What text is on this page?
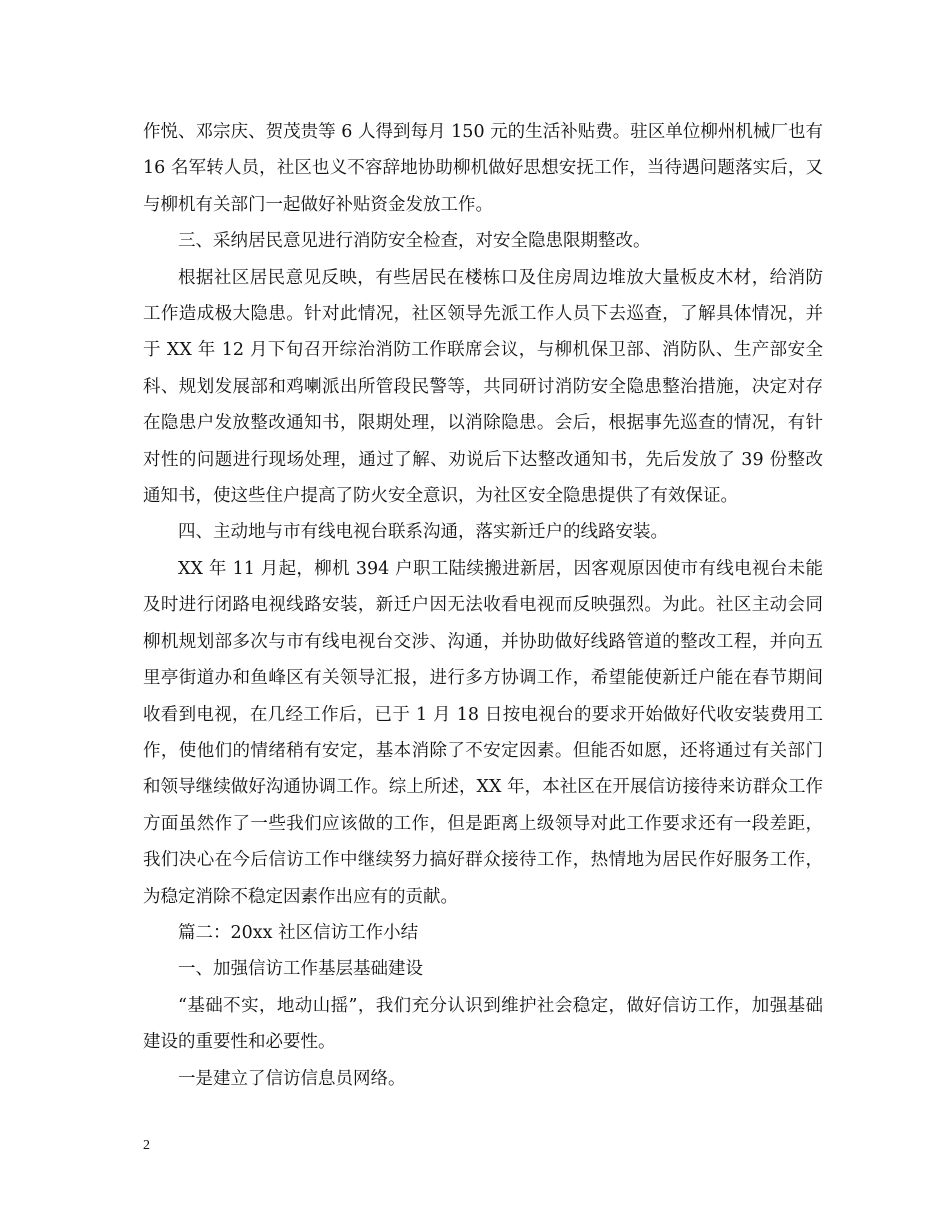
作悦、邓宗庆、贺茂贵等 6 人得到每月 150 元的生活补贴费。驻区单位柳州机械厂也有 16 名军转人员，社区也义不容辞地协助柳机做好思想安抚工作，当待遇问题落实后，又与柳机有关部门一起做好补贴资金发放工作。

三、采纳居民意见进行消防安全检查，对安全隐患限期整改。

根据社区居民意见反映，有些居民在楼栋口及住房周边堆放大量板皮木材，给消防工作造成极大隐患。针对此情况，社区领导先派工作人员下去巡查，了解具体情况，并于 XX 年 12 月下旬召开综治消防工作联席会议，与柳机保卫部、消防队、生产部安全科、规划发展部和鸡喇派出所管段民警等，共同研讨消防安全隐患整治措施，决定对存在隐患户发放整改通知书，限期处理，以消除隐患。会后，根据事先巡查的情况，有针对性的问题进行现场处理，通过了解、劝说后下达整改通知书，先后发放了 39 份整改通知书，使这些住户提高了防火安全意识，为社区安全隐患提供了有效保证。

四、主动地与市有线电视台联系沟通，落实新迁户的线路安装。

XX 年 11 月起，柳机 394 户职工陆续搬进新居，因客观原因使市有线电视台未能及时进行闭路电视线路安装，新迁户因无法收看电视而反映强烈。为此。社区主动会同柳机规划部多次与市有线电视台交涉、沟通，并协助做好线路管道的整改工程，并向五里亭街道办和鱼峰区有关领导汇报，进行多方协调工作，希望能使新迁户能在春节期间收看到电视，在几经工作后，已于 1 月 18 日按电视台的要求开始做好代收安装费用工作，使他们的情绪稍有安定，基本消除了不安定因素。但能否如愿，还将通过有关部门和领导继续做好沟通协调工作。综上所述，XX 年，本社区在开展信访接待来访群众工作方面虽然作了一些我们应该做的工作，但是距离上级领导对此工作要求还有一段差距，我们决心在今后信访工作中继续努力搞好群众接待工作，热情地为居民作好服务工作，为稳定消除不稳定因素作出应有的贡献。

篇二：20xx 社区信访工作小结

一、加强信访工作基层基础建设

“基础不实，地动山摇”，我们充分认识到维护社会稳定，做好信访工作，加强基础建设的重要性和必要性。

一是建立了信访信息员网络。

2
